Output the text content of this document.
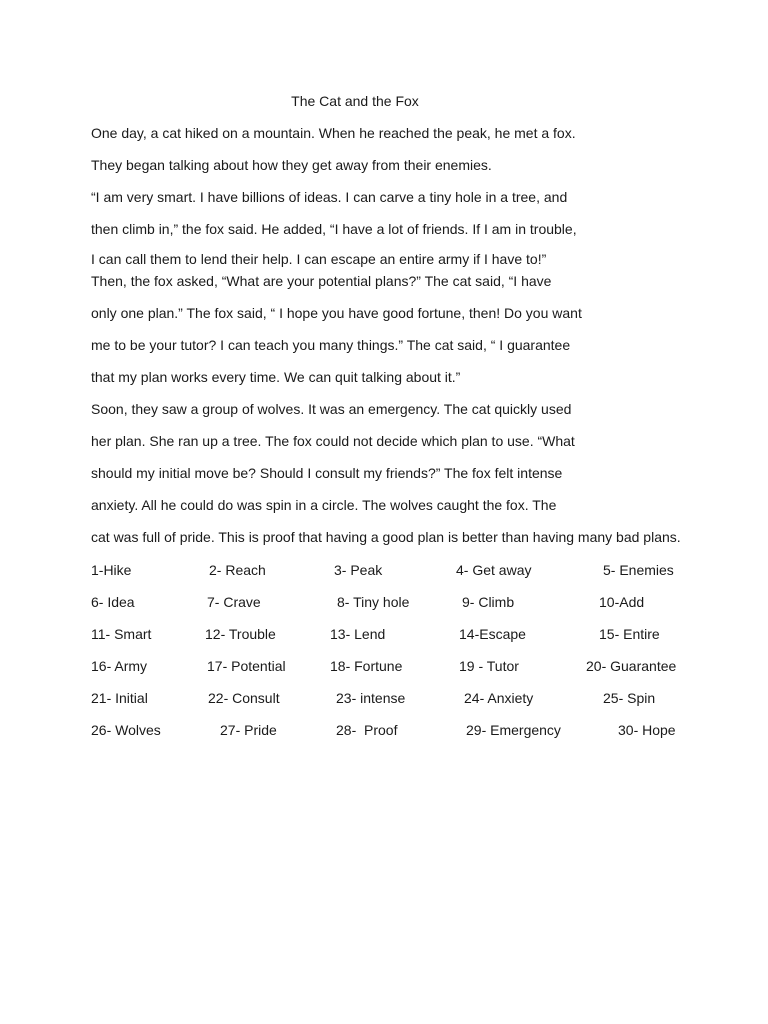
The Cat and the Fox
One day, a cat hiked on a mountain. When he reached the peak, he met a fox.
They began talking about how they get away from their enemies.
“I am very smart. I have billions of ideas. I can carve a tiny hole in a tree, and
then climb in,” the fox said. He added, “I have a lot of friends. If I am in trouble,
I can call them to lend their help. I can escape an entire army if I have to!”
Then, the fox asked, “What are your potential plans?” The cat said, “I have
only one plan.” The fox said, “ I hope you have good fortune, then! Do you want
me to be your tutor? I can teach you many things.” The cat said, “ I guarantee
that my plan works every time. We can quit talking about it.”
Soon, they saw a group of wolves. It was an emergency. The cat quickly used
her plan. She ran up a tree. The fox could not decide which plan to use. “What
should my initial move be? Should I consult my friends?” The fox felt intense
anxiety. All he could do was spin in a circle. The wolves caught the fox. The
cat was full of pride. This is proof that having a good plan is better than having many bad plans.
1-Hike	2- Reach	3- Peak	4- Get away	5- Enemies
6- Idea	7- Crave	8- Tiny hole	9- Climb	10-Add
11- Smart	12- Trouble	13- Lend	14-Escape	15- Entire
16- Army	17- Potential	18- Fortune	19 - Tutor	20- Guarantee
21- Initial	22- Consult	23- intense	24- Anxiety	25- Spin
26- Wolves	27- Pride	28-  Proof	29- Emergency	30- Hope
